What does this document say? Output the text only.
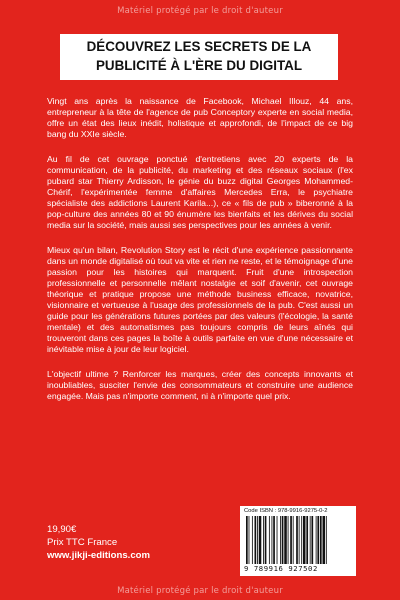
Matériel protégé par le droit d'auteur
DÉCOUVREZ LES SECRETS DE LA
PUBLICITÉ À L'ÈRE DU DIGITAL

Vingt ans après la naissance de Facebook, Michael Illouz, 44 ans, entrepreneur à la tête de l'agence de pub Conceptory experte en social media, offre un état des lieux inédit, holistique et approfondi, de l'impact de ce big bang du XXIe siècle.

Au fil de cet ouvrage ponctué d'entretiens avec 20 experts de la communication, de la publicité, du marketing et des réseaux sociaux (l'ex pubard star Thierry Ardisson, le génie du buzz digital Georges Mohammed-Chérif, l'expérimentée femme d'affaires Mercedes Erra, le psychiatre spécialiste des addictions Laurent Karila...), ce « fils de pub » biberonné à la pop-culture des années 80 et 90 énumère les bienfaits et les dérives du social media sur la société, mais aussi ses perspectives pour les années à venir.

Mieux qu'un bilan, Revolution Story est le récit d'une expérience passionnante dans un monde digitalisé où tout va vite et rien ne reste, et le témoignage d'une passion pour les histoires qui marquent. Fruit d'une introspection professionnelle et personnelle mêlant nostalgie et soif d'avenir, cet ouvrage théorique et pratique propose une méthode business efficace, novatrice, visionnaire et vertueuse à l'usage des professionnels de la pub. C'est aussi un guide pour les générations futures portées par des valeurs (l'écologie, la santé mentale) et des automatismes pas toujours compris de leurs aînés qui trouveront dans ces pages la boîte à outils parfaite en vue d'une nécessaire et inévitable mise à jour de leur logiciel.

L'objectif ultime ? Renforcer les marques, créer des concepts innovants et inoubliables, susciter l'envie des consommateurs et construire une audience engagée. Mais pas n'importe comment, ni à n'importe quel prix.

19,90€
Prix TTC France
www.jikji-editions.com
Code ISBN : 978-9916-9275-0-2
9 789916 927502
Matériel protégé par le droit d'auteur
